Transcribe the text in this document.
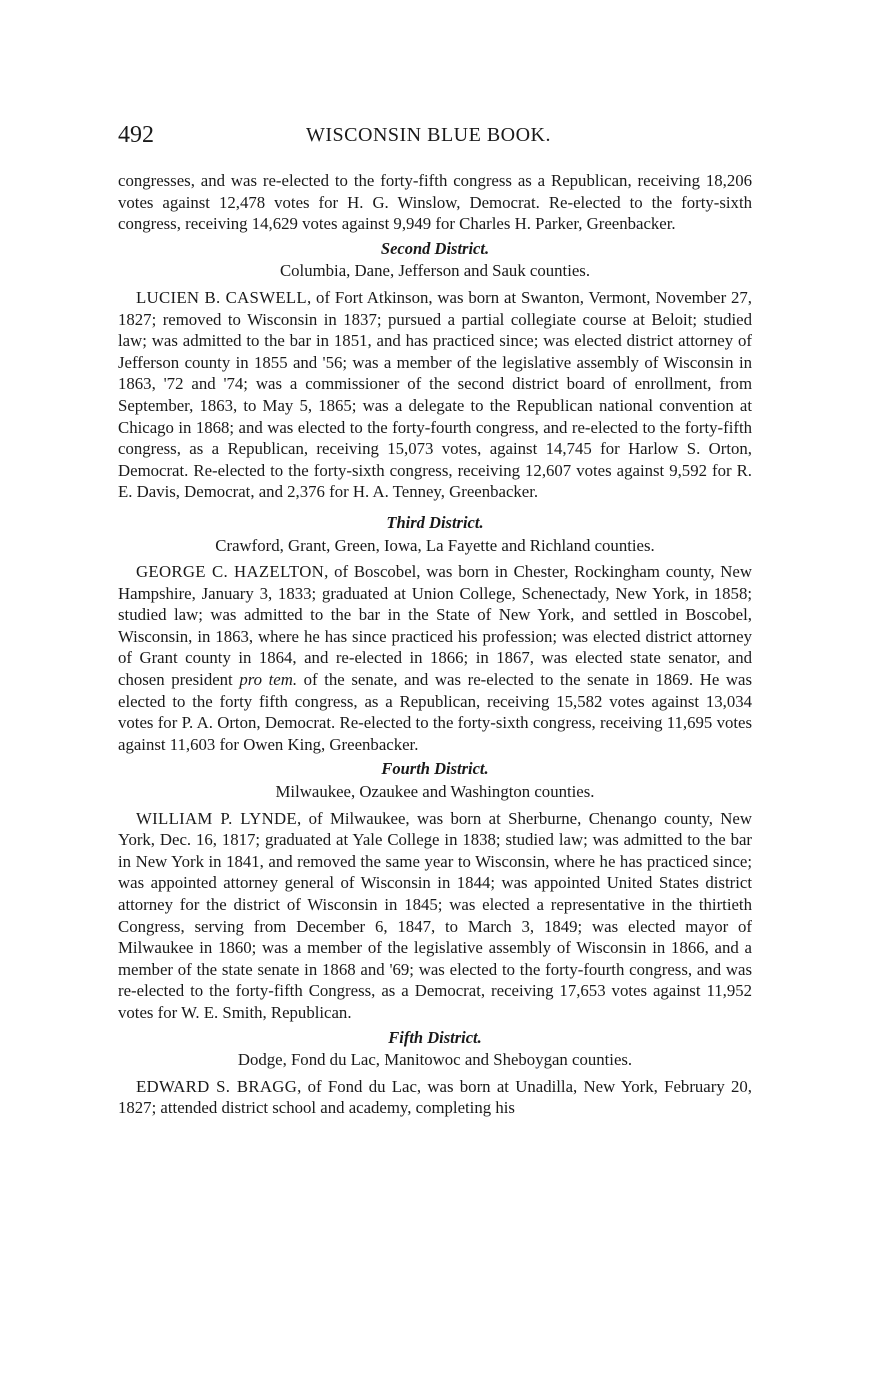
492	WISCONSIN BLUE BOOK.

congresses, and was re-elected to the forty-fifth congress as a Republican, receiving 18,206 votes against 12,478 votes for H. G. Winslow, Democrat. Re-elected to the forty-sixth congress, receiving 14,629 votes against 9,949 for Charles H. Parker, Greenbacker.

Second District.
Columbia, Dane, Jefferson and Sauk counties.

LUCIEN B. CASWELL, of Fort Atkinson, was born at Swanton, Vermont, November 27, 1827; removed to Wisconsin in 1837; pursued a partial collegiate course at Beloit; studied law; was admitted to the bar in 1851, and has practiced since; was elected district attorney of Jefferson county in 1855 and '56; was a member of the legislative assembly of Wisconsin in 1863, '72 and '74; was a commissioner of the second district board of enrollment, from September, 1863, to May 5, 1865; was a delegate to the Republican national convention at Chicago in 1868; and was elected to the forty-fourth congress, and re-elected to the forty-fifth congress, as a Republican, receiving 15,073 votes, against 14,745 for Harlow S. Orton, Democrat. Re-elected to the forty-sixth congress, receiving 12,607 votes against 9,592 for R. E. Davis, Democrat, and 2,376 for H. A. Tenney, Greenbacker.

Third District.
Crawford, Grant, Green, Iowa, La Fayette and Richland counties.

GEORGE C. HAZELTON, of Boscobel, was born in Chester, Rockingham county, New Hampshire, January 3, 1833; graduated at Union College, Schenectady, New York, in 1858; studied law; was admitted to the bar in the State of New York, and settled in Boscobel, Wisconsin, in 1863, where he has since practiced his profession; was elected district attorney of Grant county in 1864, and re-elected in 1866; in 1867, was elected state senator, and chosen president pro tem. of the senate, and was re-elected to the senate in 1869. He was elected to the forty fifth congress, as a Republican, receiving 15,582 votes against 13,034 votes for P. A. Orton, Democrat. Re-elected to the forty-sixth congress, receiving 11,695 votes against 11,603 for Owen King, Greenbacker.

Fourth District.
Milwaukee, Ozaukee and Washington counties.

WILLIAM P. LYNDE, of Milwaukee, was born at Sherburne, Chenango county, New York, Dec. 16, 1817; graduated at Yale College in 1838; studied law; was admitted to the bar in New York in 1841, and removed the same year to Wisconsin, where he has practiced since; was appointed attorney general of Wisconsin in 1844; was appointed United States district attorney for the district of Wisconsin in 1845; was elected a representative in the thirtieth Congress, serving from December 6, 1847, to March 3, 1849; was elected mayor of Milwaukee in 1860; was a member of the legislative assembly of Wisconsin in 1866, and a member of the state senate in 1868 and '69; was elected to the forty-fourth congress, and was re-elected to the forty-fifth Congress, as a Democrat, receiving 17,653 votes against 11,952 votes for W. E. Smith, Republican.

Fifth District.
Dodge, Fond du Lac, Manitowoc and Sheboygan counties.

EDWARD S. BRAGG, of Fond du Lac, was born at Unadilla, New York, February 20, 1827; attended district school and academy, completing his
